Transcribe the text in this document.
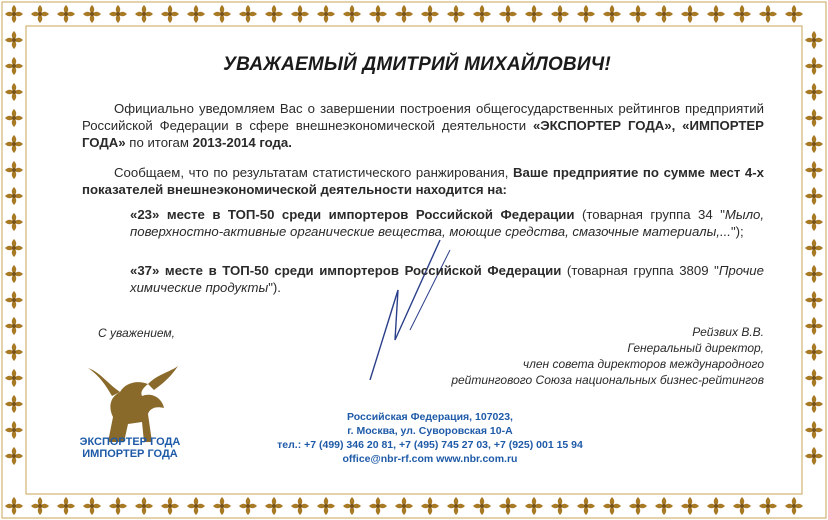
УВАЖАЕМЫЙ ДМИТРИЙ МИХАЙЛОВИЧ!
Официально уведомляем Вас о завершении построения общегосударственных рейтингов предприятий Российской Федерации в сфере внешнеэкономической деятельности «ЭКСПОРТЕР ГОДА», «ИМПОРТЕР ГОДА» по итогам 2013-2014 года.
Сообщаем, что по результатам статистического ранжирования, Ваше предприятие по сумме мест 4-х показателей внешнеэкономической деятельности находится на:
«23» месте в ТОП-50 среди импортеров Российской Федерации (товарная группа 34 "Мыло, поверхностно-активные органические вещества, моющие средства, смазочные материалы,...");
«37» месте в ТОП-50 среди импортеров Российской Федерации (товарная группа 3809 "Прочие химические продукты").
С уважением,	Рейзвих В.В.
Генеральный директор,
член совета директоров международного
рейтингового Союза национальных бизнес-рейтингов
ЭКСПОРТЕР ГОДА
ИМПОРТЕР ГОДА
Российская Федерация, 107023,
г. Москва, ул. Суворовская 10-А
тел.: +7 (499) 346 20 81, +7 (495) 745 27 03, +7 (925) 001 15 94
office@nbr-rf.com www.nbr.com.ru
